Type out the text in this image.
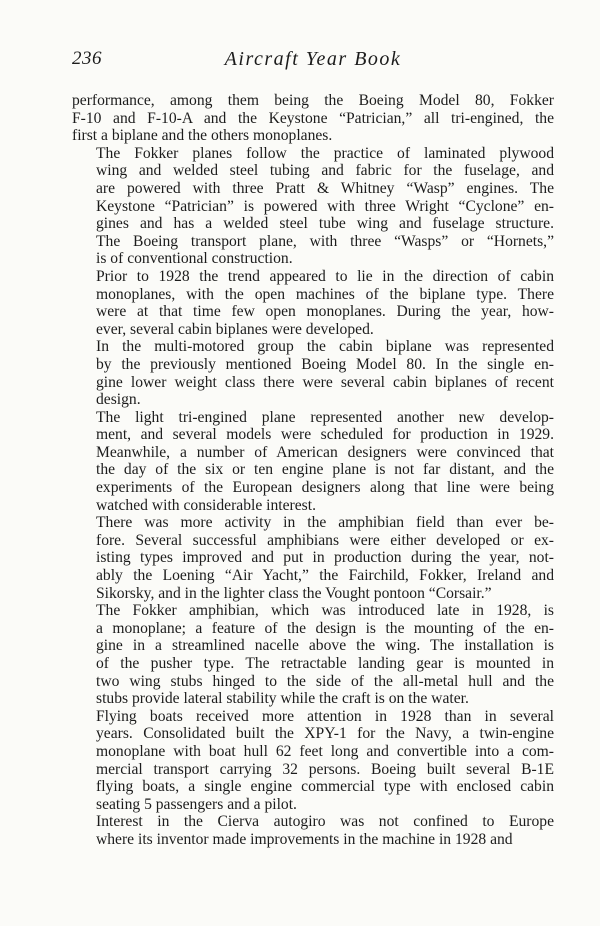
236	Aircraft Year Book

performance, among them being the Boeing Model 80, Fokker
F-10 and F-10-A and the Keystone “Patrician,” all tri-engined, the
first a biplane and the others monoplanes.

The Fokker planes follow the practice of laminated plywood
wing and welded steel tubing and fabric for the fuselage, and
are powered with three Pratt & Whitney “Wasp” engines. The
Keystone “Patrician” is powered with three Wright “Cyclone” en-
gines and has a welded steel tube wing and fuselage structure.
The Boeing transport plane, with three “Wasps” or “Hornets,”
is of conventional construction.

Prior to 1928 the trend appeared to lie in the direction of cabin
monoplanes, with the open machines of the biplane type. There
were at that time few open monoplanes. During the year, how-
ever, several cabin biplanes were developed.

In the multi-motored group the cabin biplane was represented
by the previously mentioned Boeing Model 80. In the single en-
gine lower weight class there were several cabin biplanes of recent
design.

The light tri-engined plane represented another new develop-
ment, and several models were scheduled for production in 1929.
Meanwhile, a number of American designers were convinced that
the day of the six or ten engine plane is not far distant, and the
experiments of the European designers along that line were being
watched with considerable interest.

There was more activity in the amphibian field than ever be-
fore. Several successful amphibians were either developed or ex-
isting types improved and put in production during the year, not-
ably the Loening “Air Yacht,” the Fairchild, Fokker, Ireland and
Sikorsky, and in the lighter class the Vought pontoon “Corsair.”

The Fokker amphibian, which was introduced late in 1928, is
a monoplane; a feature of the design is the mounting of the en-
gine in a streamlined nacelle above the wing. The installation is
of the pusher type. The retractable landing gear is mounted in
two wing stubs hinged to the side of the all-metal hull and the
stubs provide lateral stability while the craft is on the water.

Flying boats received more attention in 1928 than in several
years. Consolidated built the XPY-1 for the Navy, a twin-engine
monoplane with boat hull 62 feet long and convertible into a com-
mercial transport carrying 32 persons. Boeing built several B-1E
flying boats, a single engine commercial type with enclosed cabin
seating 5 passengers and a pilot.

Interest in the Cierva autogiro was not confined to Europe
where its inventor made improvements in the machine in 1928 and
